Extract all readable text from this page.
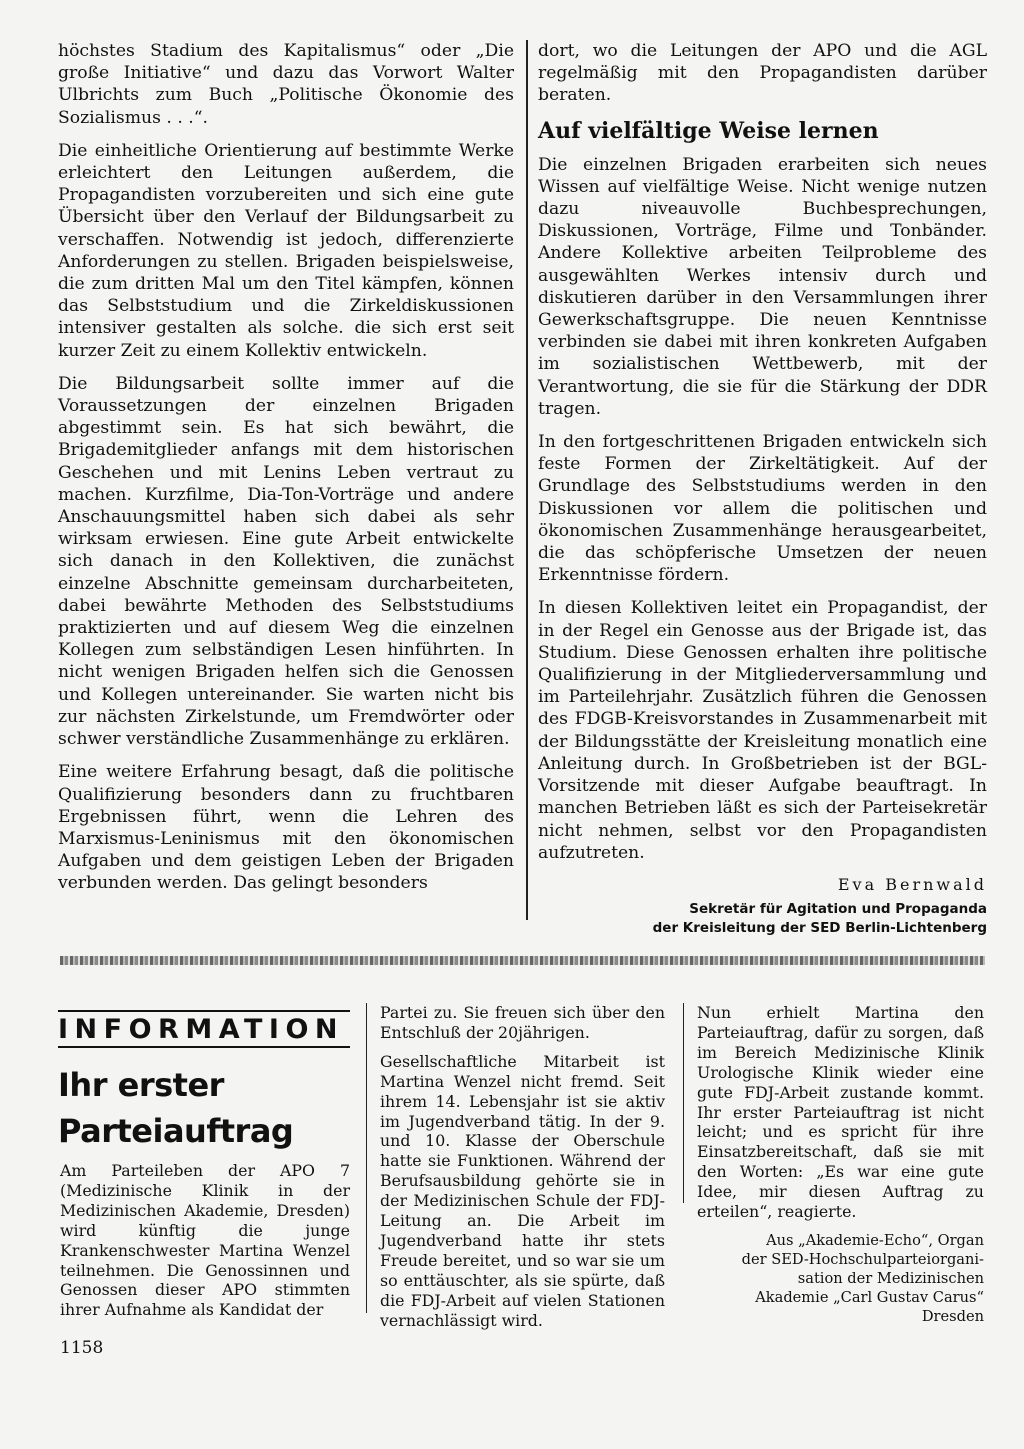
höchstes Stadium des Kapitalismus“ oder „Die große Initiative“ und dazu das Vorwort Walter Ulbrichts zum Buch „Politische Ökonomie des Sozialismus . . .“.

Die einheitliche Orientierung auf bestimmte Werke erleichtert den Leitungen außerdem, die Propagandisten vorzubereiten und sich eine gute Übersicht über den Verlauf der Bildungsarbeit zu verschaffen. Notwendig ist jedoch, differenzierte Anforderungen zu stellen. Brigaden beispielsweise, die zum dritten Mal um den Titel kämpfen, können das Selbststudium und die Zirkeldiskussionen intensiver gestalten als solche. die sich erst seit kurzer Zeit zu einem Kollektiv entwickeln.

Die Bildungsarbeit sollte immer auf die Voraussetzungen der einzelnen Brigaden abgestimmt sein. Es hat sich bewährt, die Brigademitglieder anfangs mit dem historischen Geschehen und mit Lenins Leben vertraut zu machen. Kurzfilme, Dia-Ton-Vorträge und andere Anschauungsmittel haben sich dabei als sehr wirksam erwiesen. Eine gute Arbeit entwickelte sich danach in den Kollektiven, die zunächst einzelne Abschnitte gemeinsam durcharbeiteten, dabei bewährte Methoden des Selbststudiums praktizierten und auf diesem Weg die einzelnen Kollegen zum selbständigen Lesen hinführten. In nicht wenigen Brigaden helfen sich die Genossen und Kollegen untereinander. Sie warten nicht bis zur nächsten Zirkelstunde, um Fremdwörter oder schwer verständliche Zusammenhänge zu erklären.

Eine weitere Erfahrung besagt, daß die politische Qualifizierung besonders dann zu fruchtbaren Ergebnissen führt, wenn die Lehren des Marxismus-Leninismus mit den ökonomischen Aufgaben und dem geistigen Leben der Brigaden verbunden werden. Das gelingt besonders

dort, wo die Leitungen der APO und die AGL regelmäßig mit den Propagandisten darüber beraten.

Auf vielfältige Weise lernen

Die einzelnen Brigaden erarbeiten sich neues Wissen auf vielfältige Weise. Nicht wenige nutzen dazu niveauvolle Buchbesprechungen, Diskussionen, Vorträge, Filme und Tonbänder. Andere Kollektive arbeiten Teilprobleme des ausgewählten Werkes intensiv durch und diskutieren darüber in den Versammlungen ihrer Gewerkschaftsgruppe. Die neuen Kenntnisse verbinden sie dabei mit ihren konkreten Aufgaben im sozialistischen Wettbewerb, mit der Verantwortung, die sie für die Stärkung der DDR tragen.

In den fortgeschrittenen Brigaden entwickeln sich feste Formen der Zirkeltätigkeit. Auf der Grundlage des Selbststudiums werden in den Diskussionen vor allem die politischen und ökonomischen Zusammenhänge herausgearbeitet, die das schöpferische Umsetzen der neuen Erkenntnisse fördern.

In diesen Kollektiven leitet ein Propagandist, der in der Regel ein Genosse aus der Brigade ist, das Studium. Diese Genossen erhalten ihre politische Qualifizierung in der Mitgliederversammlung und im Parteilehrjahr. Zusätzlich führen die Genossen des FDGB-Kreisvorstandes in Zusammenarbeit mit der Bildungsstätte der Kreisleitung monatlich eine Anleitung durch. In Großbetrieben ist der BGL-Vorsitzende mit dieser Aufgabe beauftragt. In manchen Betrieben läßt es sich der Parteisekretär nicht nehmen, selbst vor den Propagandisten aufzutreten.

Eva Bernwald
Sekretär für Agitation und Propaganda
der Kreisleitung der SED Berlin-Lichtenberg
INFORMATION
Ihr erster
Parteiauftrag

Am Parteileben der APO 7 (Medizinische Klinik in der Medizinischen Akademie, Dresden) wird künftig die junge Krankenschwester Martina Wenzel teilnehmen. Die Genossinnen und Genossen dieser APO stimmten ihrer Aufnahme als Kandidat der

Partei zu. Sie freuen sich über den Entschluß der 20jährigen.

Gesellschaftliche Mitarbeit ist Martina Wenzel nicht fremd. Seit ihrem 14. Lebensjahr ist sie aktiv im Jugendverband tätig. In der 9. und 10. Klasse der Oberschule hatte sie Funktionen. Während der Berufsausbildung gehörte sie in der Medizinischen Schule der FDJ-Leitung an. Die Arbeit im Jugendverband hatte ihr stets Freude bereitet, und so war sie um so enttäuschter, als sie spürte, daß die FDJ-Arbeit auf vielen Stationen vernachlässigt wird.

Nun erhielt Martina den Parteiauftrag, dafür zu sorgen, daß im Bereich Medizinische Klinik Urologische Klinik wieder eine gute FDJ-Arbeit zustande kommt. Ihr erster Parteiauftrag ist nicht leicht; und es spricht für ihre Einsatzbereitschaft, daß sie mit den Worten: „Es war eine gute Idee, mir diesen Auftrag zu erteilen“, reagierte.

Aus „Akademie-Echo“, Organ
der SED-Hochschulparteiorgani-
sation der Medizinischen
Akademie „Carl Gustav Carus“
Dresden
1158
